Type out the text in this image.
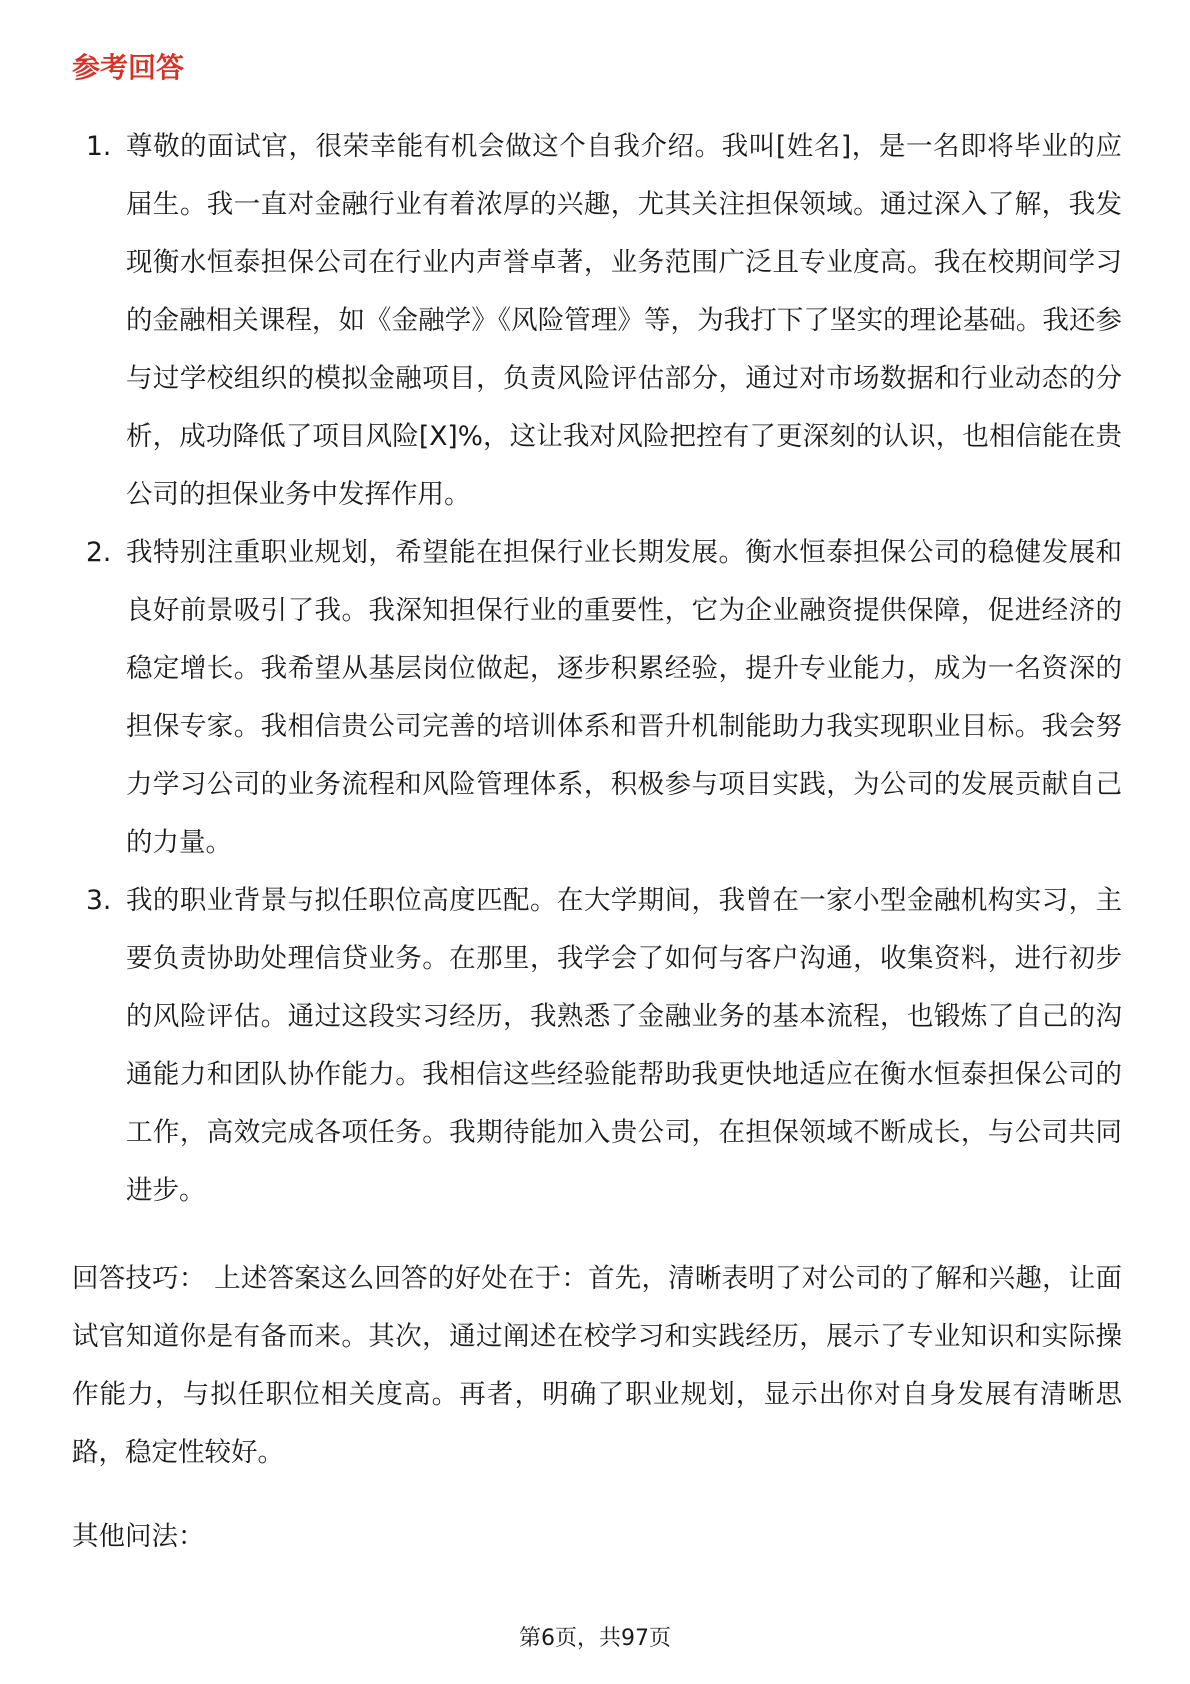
参考回答
1. 尊敬的面试官，很荣幸能有机会做这个自我介绍。我叫[姓名]，是一名即将毕业的应届生。我一直对金融行业有着浓厚的兴趣，尤其关注担保领域。通过深入了解，我发现衡水恒泰担保公司在行业内声誉卓著，业务范围广泛且专业度高。我在校期间学习的金融相关课程，如《金融学》《风险管理》等，为我打下了坚实的理论基础。我还参与过学校组织的模拟金融项目，负责风险评估部分，通过对市场数据和行业动态的分析，成功降低了项目风险[X]%，这让我对风险把控有了更深刻的认识，也相信能在贵公司的担保业务中发挥作用。
2. 我特别注重职业规划，希望能在担保行业长期发展。衡水恒泰担保公司的稳健发展和良好前景吸引了我。我深知担保行业的重要性，它为企业融资提供保障，促进经济的稳定增长。我希望从基层岗位做起，逐步积累经验，提升专业能力，成为一名资深的担保专家。我相信贵公司完善的培训体系和晋升机制能助力我实现职业目标。我会努力学习公司的业务流程和风险管理体系，积极参与项目实践，为公司的发展贡献自己的力量。
3. 我的职业背景与拟任职位高度匹配。在大学期间，我曾在一家小型金融机构实习，主要负责协助处理信贷业务。在那里，我学会了如何与客户沟通，收集资料，进行初步的风险评估。通过这段实习经历，我熟悉了金融业务的基本流程，也锻炼了自己的沟通能力和团队协作能力。我相信这些经验能帮助我更快地适应在衡水恒泰担保公司的工作，高效完成各项任务。我期待能加入贵公司，在担保领域不断成长，与公司共同进步。

回答技巧： 上述答案这么回答的好处在于：首先，清晰表明了对公司的了解和兴趣，让面试官知道你是有备而来。其次，通过阐述在校学习和实践经历，展示了专业知识和实际操作能力，与拟任职位相关度高。再者，明确了职业规划，显示出你对自身发展有清晰思路，稳定性较好。

其他问法：

第6页，共97页
